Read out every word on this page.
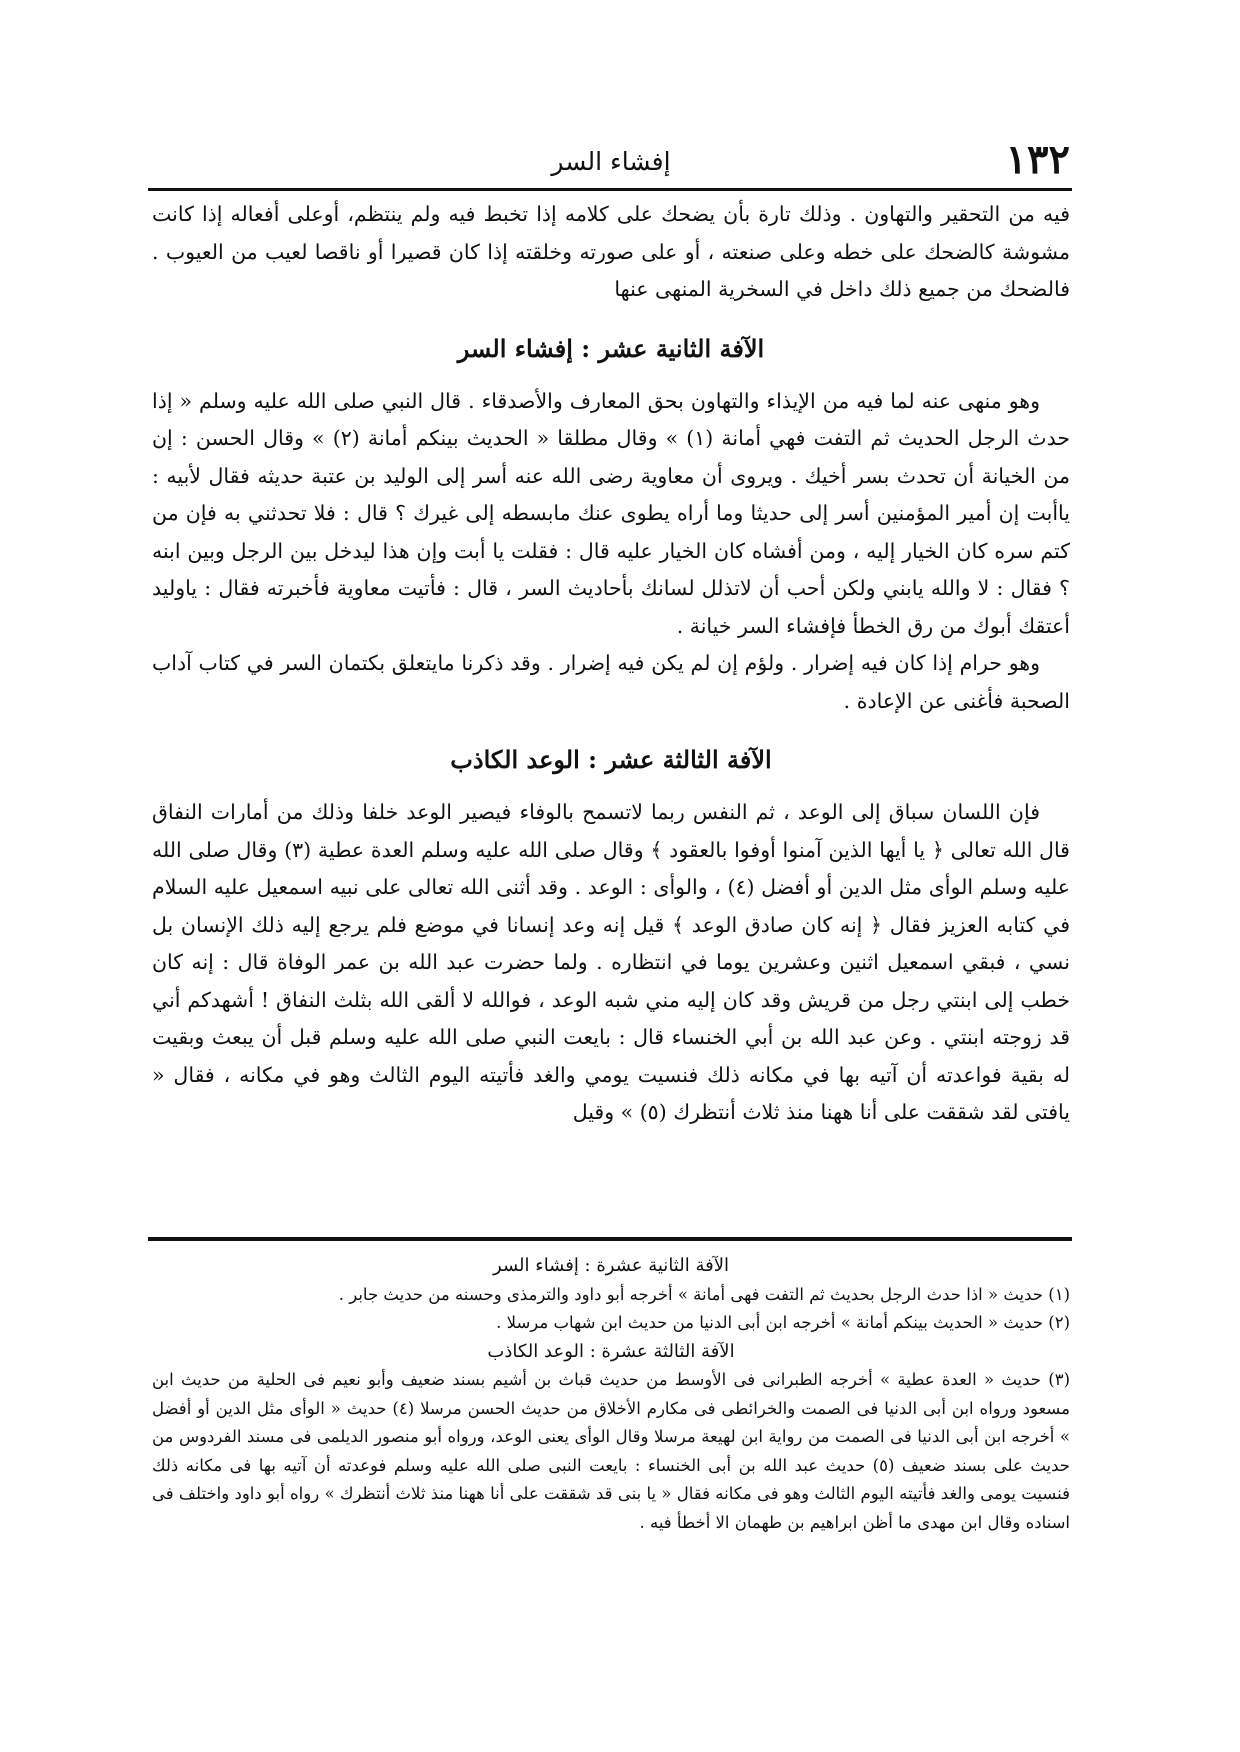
١٣٢
إفشاء السر

فيه من التحقير والتهاون . وذلك تارة بأن يضحك على كلامه إذا تخبط فيه ولم ينتظم، أوعلى أفعاله إذا كانت مشوشة كالضحك على خطه وعلى صنعته ، أو على صورته وخلقته إذا كان قصيرا أو ناقصا لعيب من العيوب . فالضحك من جميع ذلك داخل في السخرية المنهى عنها

الآفة الثانية عشر : إفشاء السر

وهو منهى عنه لما فيه من الإيذاء والتهاون بحق المعارف والأصدقاء . قال النبي صلى الله عليه وسلم « إذا حدث الرجل الحديث ثم التفت فهي أمانة (١) » وقال مطلقا « الحديث بينكم أمانة (٢) » وقال الحسن : إن من الخيانة أن تحدث بسر أخيك . ويروى أن معاوية رضى الله عنه أسر إلى الوليد بن عتبة حديثه فقال لأبيه : ياأبت إن أمير المؤمنين أسر إلى حديثا وما أراه يطوى عنك مابسطه إلى غيرك ؟ قال : فلا تحدثني به فإن من كتم سره كان الخيار إليه ، ومن أفشاه كان الخيار عليه قال : فقلت يا أبت وإن هذا ليدخل بين الرجل وبين ابنه ؟ فقال : لا والله يابني ولكن أحب أن لاتذلل لسانك بأحاديث السر ، قال : فأتيت معاوية فأخبرته فقال : ياوليد أعتقك أبوك من رق الخطأ فإفشاء السر خيانة .

وهو حرام إذا كان فيه إضرار . ولؤم إن لم يكن فيه إضرار . وقد ذكرنا مايتعلق بكتمان السر في كتاب آداب الصحبة فأغنى عن الإعادة .

الآفة الثالثة عشر : الوعد الكاذب

فإن اللسان سباق إلى الوعد ، ثم النفس ربما لاتسمح بالوفاء فيصير الوعد خلفا وذلك من أمارات النفاق قال الله تعالى ﴿ يا أيها الذين آمنوا أوفوا بالعقود ﴾ وقال صلى الله عليه وسلم العدة عطية (٣) وقال صلى الله عليه وسلم الوأى مثل الدين أو أفضل (٤) ، والوأى : الوعد . وقد أثنى الله تعالى على نبيه اسمعيل عليه السلام في كتابه العزيز فقال ﴿ إنه كان صادق الوعد ﴾ قيل إنه وعد إنسانا في موضع فلم يرجع إليه ذلك الإنسان بل نسي ، فبقي اسمعيل اثنين وعشرين يوما في انتظاره . ولما حضرت عبد الله بن عمر الوفاة قال : إنه كان خطب إلى ابنتي رجل من قريش وقد كان إليه مني شبه الوعد ، فوالله لا ألقى الله بثلث النفاق ! أشهدكم أني قد زوجته ابنتي . وعن عبد الله بن أبي الخنساء قال : بايعت النبي صلى الله عليه وسلم قبل أن يبعث وبقيت له بقية فواعدته أن آتيه بها في مكانه ذلك فنسيت يومي والغد فأتيته اليوم الثالث وهو في مكانه ، فقال « يافتى لقد شققت على أنا ههنا منذ ثلاث أنتظرك (٥) » وقيل

الآفة الثانية عشرة : إفشاء السر

(١) حديث « اذا حدث الرجل بحديث ثم التفت فهى أمانة » أخرجه أبو داود والترمذى وحسنه من حديث جابر .

(٢) حديث « الحديث بينكم أمانة » أخرجه ابن أبى الدنيا من حديث ابن شهاب مرسلا .

الآفة الثالثة عشرة : الوعد الكاذب

(٣) حديث « العدة عطية » أخرجه الطبرانى فى الأوسط من حديث قباث بن أشيم بسند ضعيف وأبو نعيم فى الحلية من حديث ابن مسعود ورواه ابن أبى الدنيا فى الصمت والخرائطى فى مكارم الأخلاق من حديث الحسن مرسلا (٤) حديث « الوأى مثل الدين أو أفضل » أخرجه ابن أبى الدنيا فى الصمت من رواية ابن لهيعة مرسلا وقال الوأى يعنى الوعد، ورواه أبو منصور الديلمى فى مسند الفردوس من حديث على بسند ضعيف (٥) حديث عبد الله بن أبى الخنساء : بايعت النبى صلى الله عليه وسلم فوعدته أن آتيه بها فى مكانه ذلك فنسيت يومى والغد فأتيته اليوم الثالث وهو فى مكانه فقال « يا بنى قد شققت على أنا ههنا منذ ثلاث أنتظرك » رواه أبو داود واختلف فى اسناده وقال ابن مهدى ما أظن ابراهيم بن طهمان الا أخطأ فيه .
